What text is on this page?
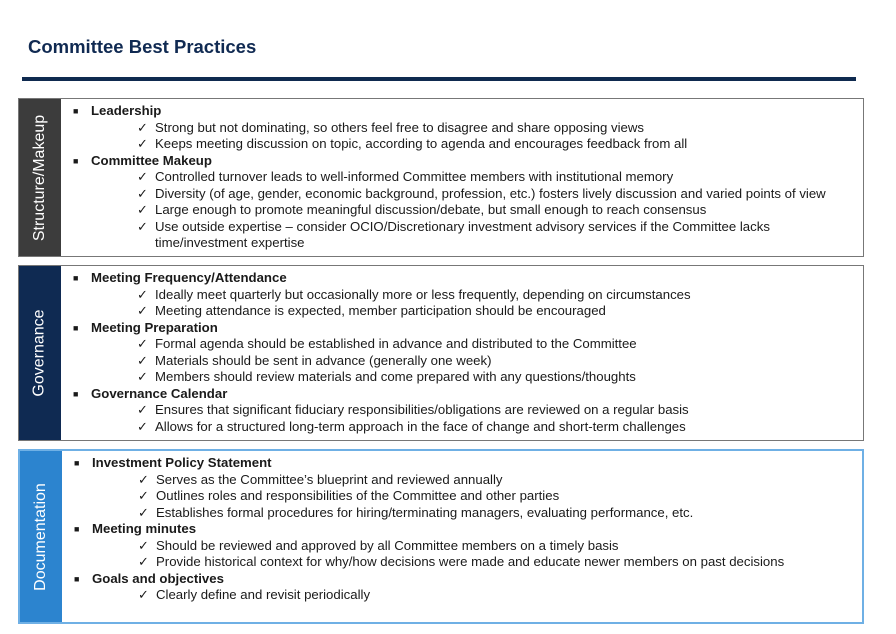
Committee Best Practices
Structure/Makeup
■ Leadership
✓ Strong but not dominating, so others feel free to disagree and share opposing views
✓ Keeps meeting discussion on topic, according to agenda and encourages feedback from all
■ Committee Makeup
✓ Controlled turnover leads to well-informed Committee members with institutional memory
✓ Diversity (of age, gender, economic background, profession, etc.) fosters lively discussion and varied points of view
✓ Large enough to promote meaningful discussion/debate, but small enough to reach consensus
✓ Use outside expertise – consider OCIO/Discretionary investment advisory services if the Committee lacks time/investment expertise
Governance
■ Meeting Frequency/Attendance
✓ Ideally meet quarterly but occasionally more or less frequently, depending on circumstances
✓ Meeting attendance is expected, member participation should be encouraged
■ Meeting Preparation
✓ Formal agenda should be established in advance and distributed to the Committee
✓ Materials should be sent in advance (generally one week)
✓ Members should review materials and come prepared with any questions/thoughts
■ Governance Calendar
✓ Ensures that significant fiduciary responsibilities/obligations are reviewed on a regular basis
✓ Allows for a structured long-term approach in the face of change and short-term challenges
Documentation
■ Investment Policy Statement
✓ Serves as the Committee’s blueprint and reviewed annually
✓ Outlines roles and responsibilities of the Committee and other parties
✓ Establishes formal procedures for hiring/terminating managers, evaluating performance, etc.
■ Meeting minutes
✓ Should be reviewed and approved by all Committee members on a timely basis
✓ Provide historical context for why/how decisions were made and educate newer members on past decisions
■ Goals and objectives
✓ Clearly define and revisit periodically
